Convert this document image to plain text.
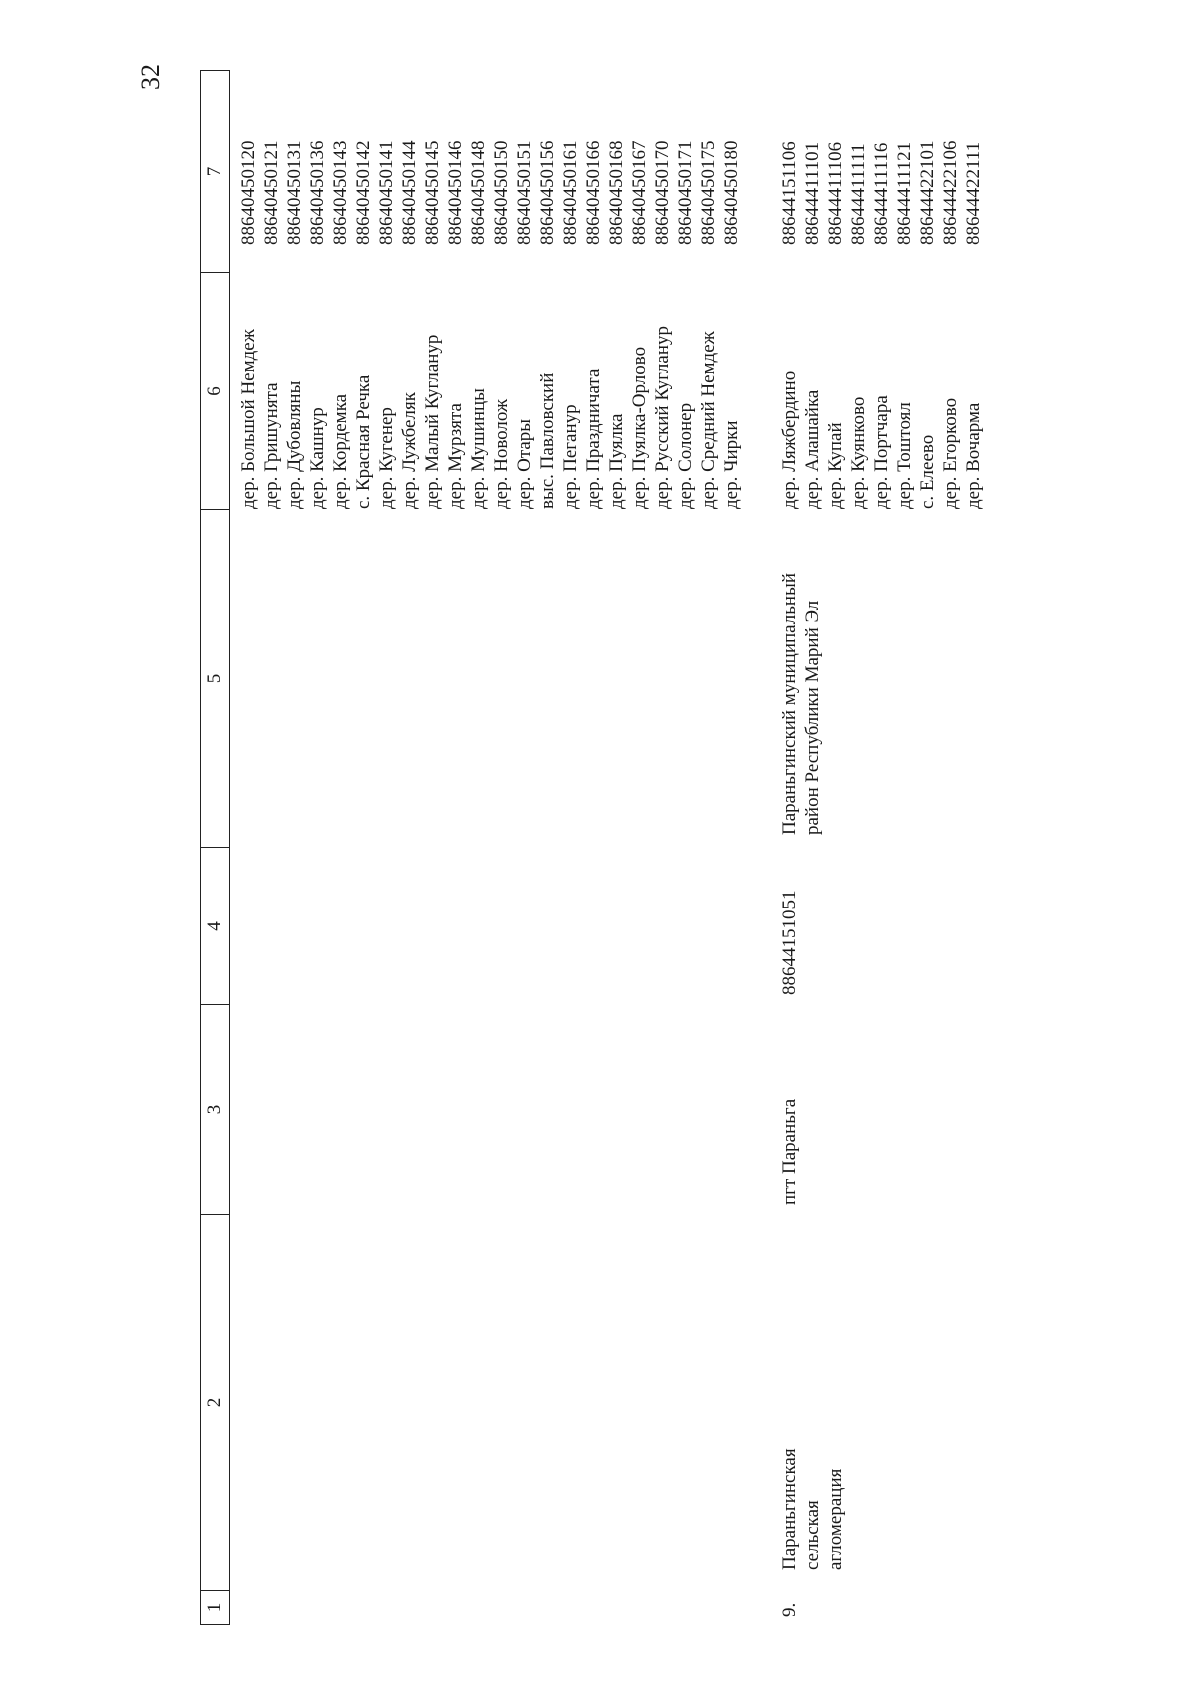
32
1
2
3
4
5
6
7
дер. Большой Немдеж дер. Гришунята дер. Дубовляны дер. Кашнур дер. Кордемка с. Красная Речка дер. Кугенер дер. Лужбеляк дер. Малый Кугланур дер. Мурзята дер. Мушинцы дер. Новолож дер. Отары выс. Павловский дер. Пегануp дер. Праздничата дер. Пуялка дер. Пуялка-Орлово дер. Русский Кугланур дер. Солонер дер. Средний Немдеж дер. Чирки
88640450120 88640450121 88640450131 88640450136 88640450143 88640450142 88640450141 88640450144 88640450145 88640450146 88640450148 88640450150 88640450151 88640450156 88640450161 88640450166 88640450168 88640450167 88640450170 88640450171 88640450175 88640450180
9.
Параньгинская
сельская
агломерация
пгт Параньга
88644151051
Параньгинский муниципальный
район Республики Марий Эл
дер. Ляжбердино дер. Алашайка дер. Купай дер. Куянково дер. Портчара дер. Тоштоял с. Елеево дер. Егорково дер. Вочарма
88644151106 88644411101 88644411106 88644411111 88644411116 88644411121 88644422101 88644422106 88644422111
